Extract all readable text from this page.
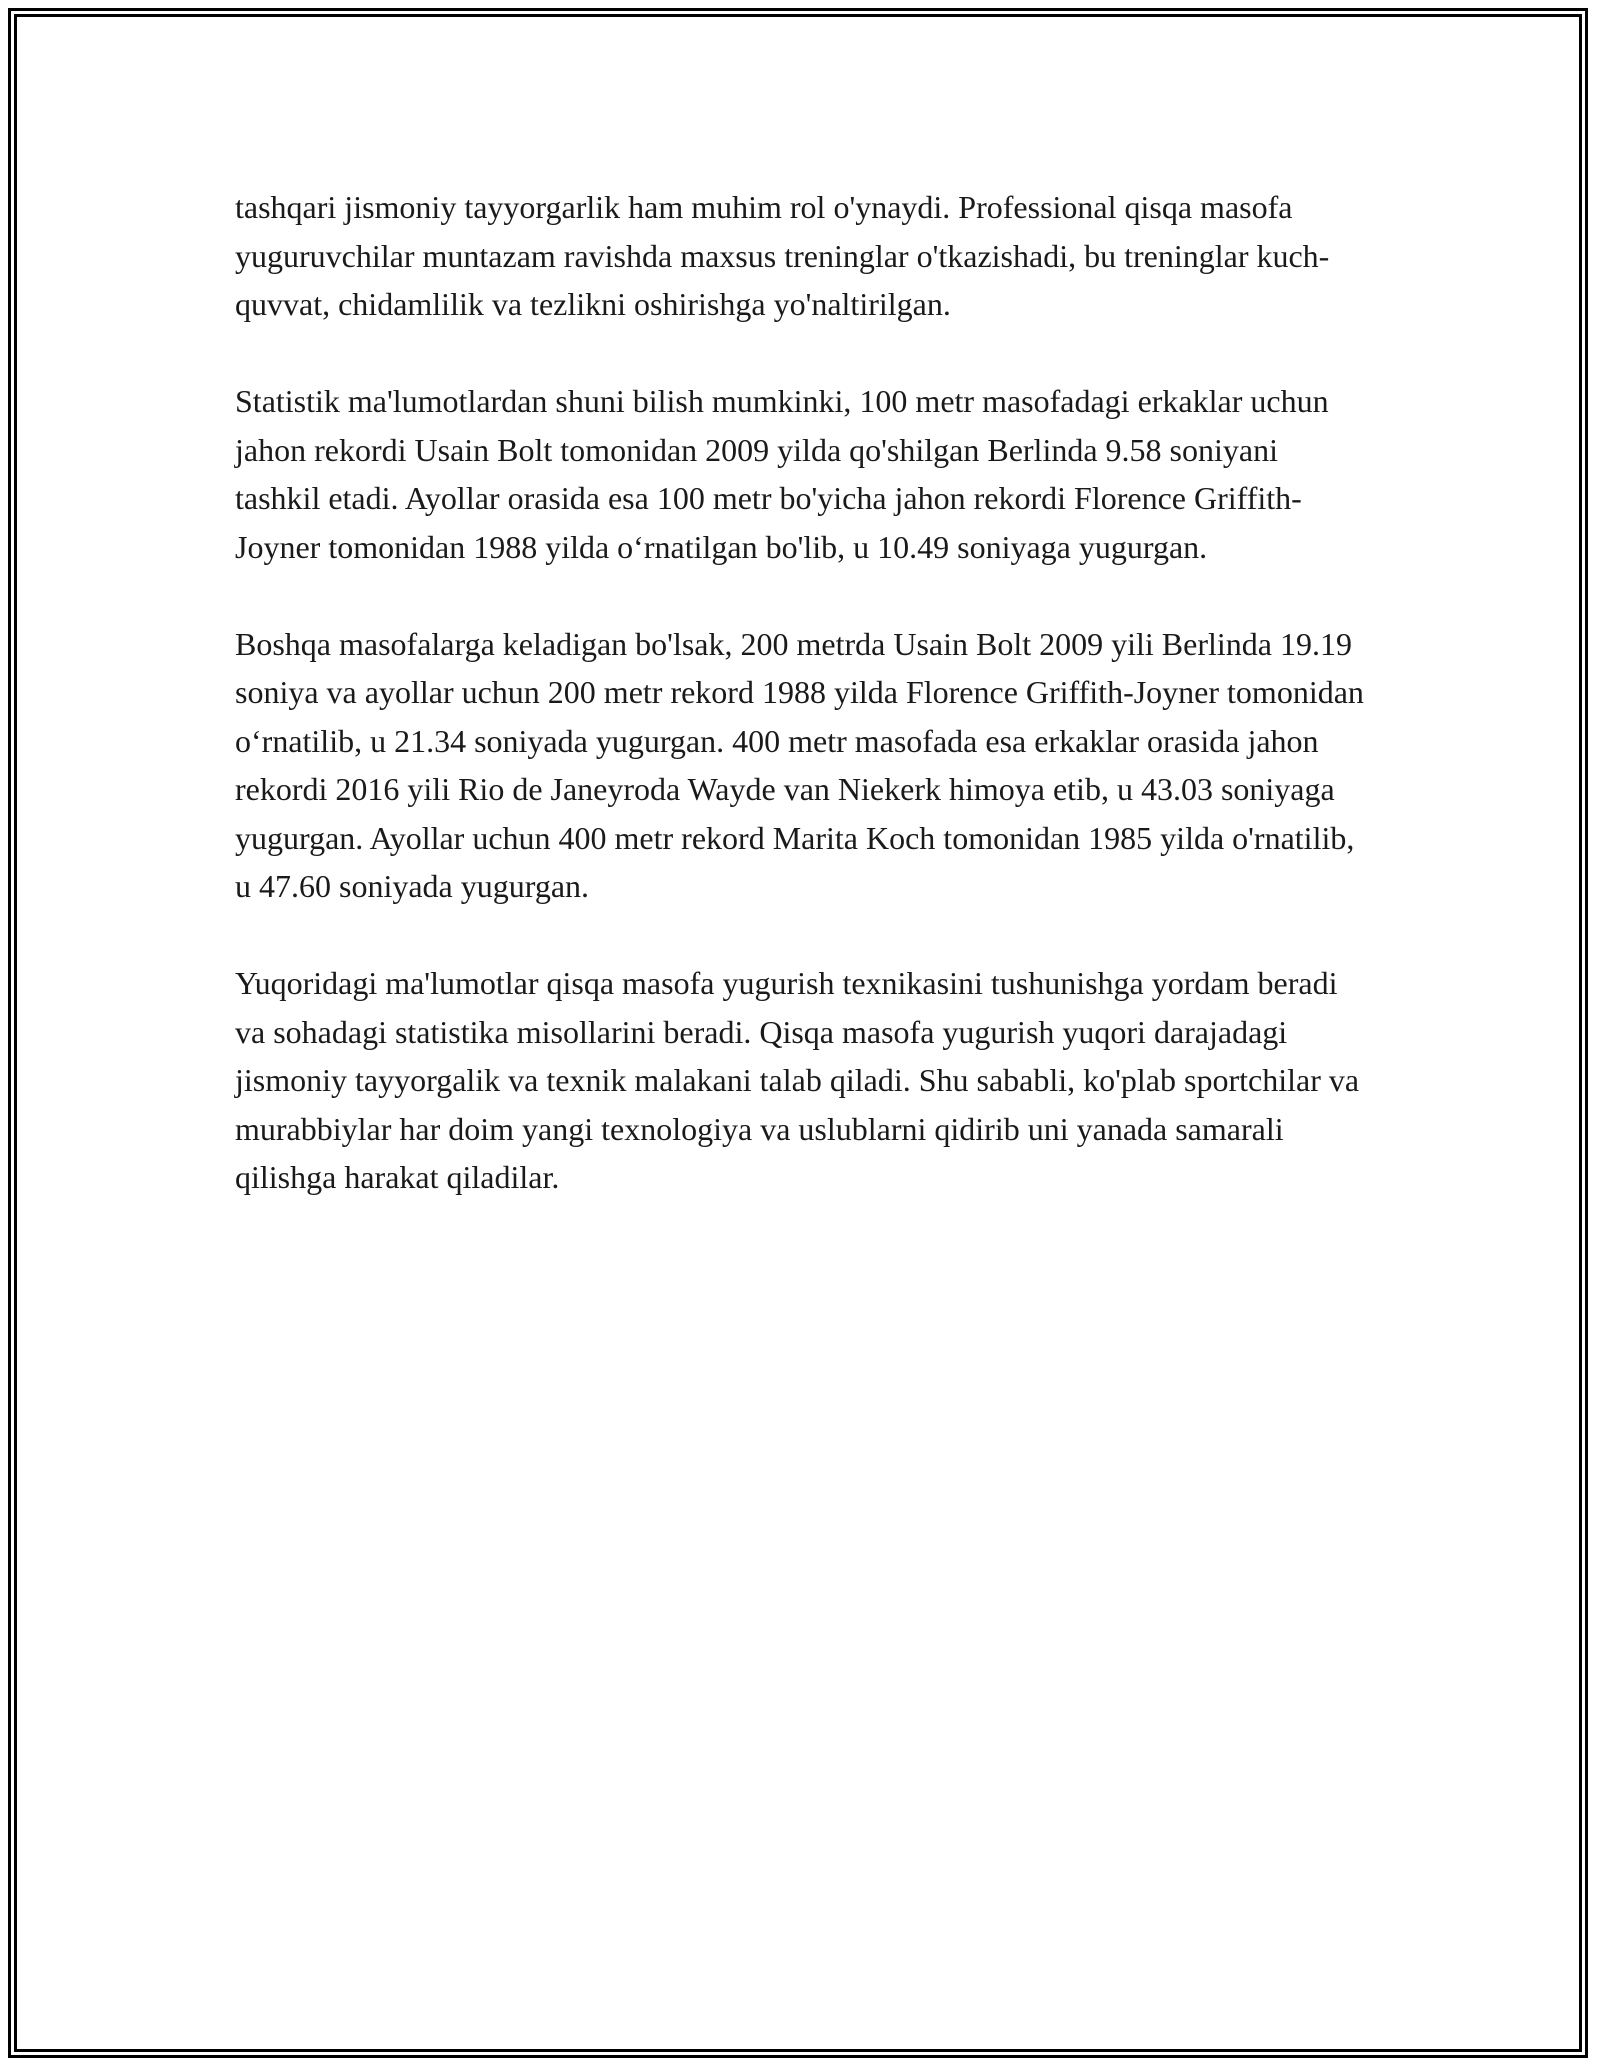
tashqari jismoniy tayyorgarlik ham muhim rol o'ynaydi. Professional qisqa masofa yuguruvchilar muntazam ravishda maxsus treninglar o'tkazishadi, bu treninglar kuch-quvvat, chidamlilik va tezlikni oshirishga yo'naltirilgan.

Statistik ma'lumotlardan shuni bilish mumkinki, 100 metr masofadagi erkaklar uchun jahon rekordi Usain Bolt tomonidan 2009 yilda qo'shilgan Berlinda 9.58 soniyani tashkil etadi. Ayollar orasida esa 100 metr bo'yicha jahon rekordi Florence Griffith-Joyner tomonidan 1988 yilda o‘rnatilgan bo'lib, u 10.49 soniyaga yugurgan.

Boshqa masofalarga keladigan bo'lsak, 200 metrda Usain Bolt 2009 yili Berlinda 19.19 soniya va ayollar uchun 200 metr rekord 1988 yilda Florence Griffith-Joyner tomonidan o‘rnatilib, u 21.34 soniyada yugurgan. 400 metr masofada esa erkaklar orasida jahon rekordi 2016 yili Rio de Janeyroda Wayde van Niekerk himoya etib, u 43.03 soniyaga yugurgan. Ayollar uchun 400 metr rekord Marita Koch tomonidan 1985 yilda o'rnatilib, u 47.60 soniyada yugurgan.

Yuqoridagi ma'lumotlar qisqa masofa yugurish texnikasini tushunishga yordam beradi va sohadagi statistika misollarini beradi. Qisqa masofa yugurish yuqori darajadagi jismoniy tayyorgalik va texnik malakani talab qiladi. Shu sababli, ko'plab sportchilar va murabbiylar har doim yangi texnologiya va uslublarni qidirib uni yanada samarali qilishga harakat qiladilar.
